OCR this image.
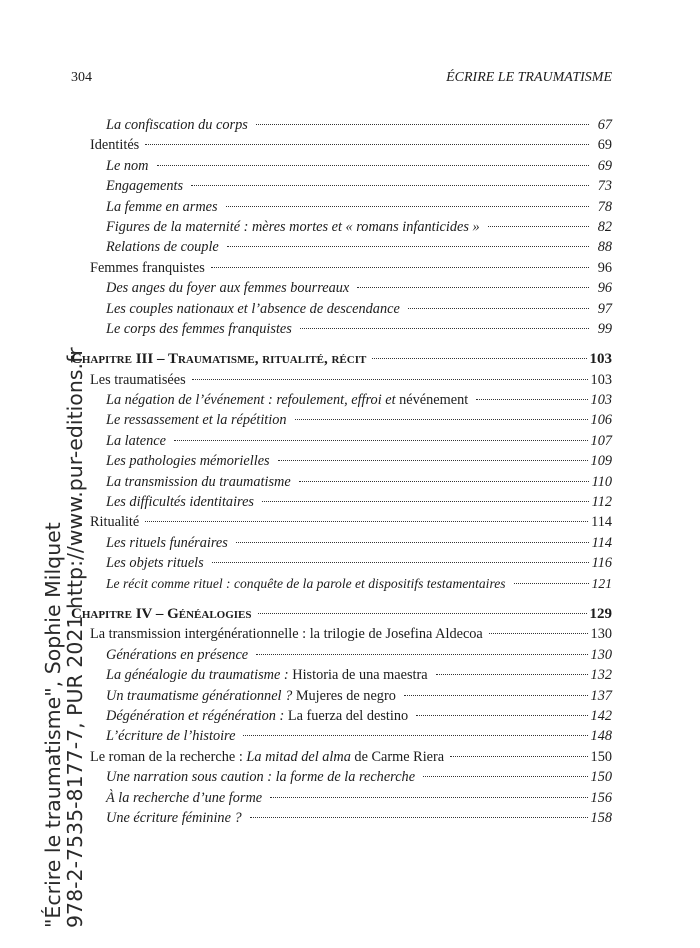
304	ÉCRIRE LE TRAUMATISME
La confiscation du corps	67
Identités	69
Le nom	69
Engagements	73
La femme en armes	78
Figures de la maternité : mères mortes et « romans infanticides »	82
Relations de couple	88
Femmes franquistes	96
Des anges du foyer aux femmes bourreaux	96
Les couples nationaux et l’absence de descendance	97
Le corps des femmes franquistes	99
Chapitre III – Traumatisme, ritualité, récit	103
Les traumatisées	103
La négation de l’événement : refoulement, effroi et névénement	103
Le ressassement et la répétition	106
La latence	107
Les pathologies mémorielles	109
La transmission du traumatisme	110
Les difficultés identitaires	112
Ritualité	114
Les rituels funéraires	114
Les objets rituels	116
Le récit comme rituel : conquête de la parole et dispositifs testamentaires	121
Chapitre IV – Généalogies	129
La transmission intergénérationnelle : la trilogie de Josefina Aldecoa	130
Générations en présence	130
La généalogie du traumatisme : Historia de una maestra	132
Un traumatisme générationnel ? Mujeres de negro	137
Dégénération et régénération : La fuerza del destino	142
L’écriture de l’histoire	148
Le roman de la recherche : La mitad del alma de Carme Riera	150
Une narration sous caution : la forme de la recherche	150
À la recherche d’une forme	156
Une écriture féminine ?	158
"Écrire le traumatisme", Sophie Milquet
978-2-7535-8177-7, PUR 2021 http://www.pur-editions.fr
